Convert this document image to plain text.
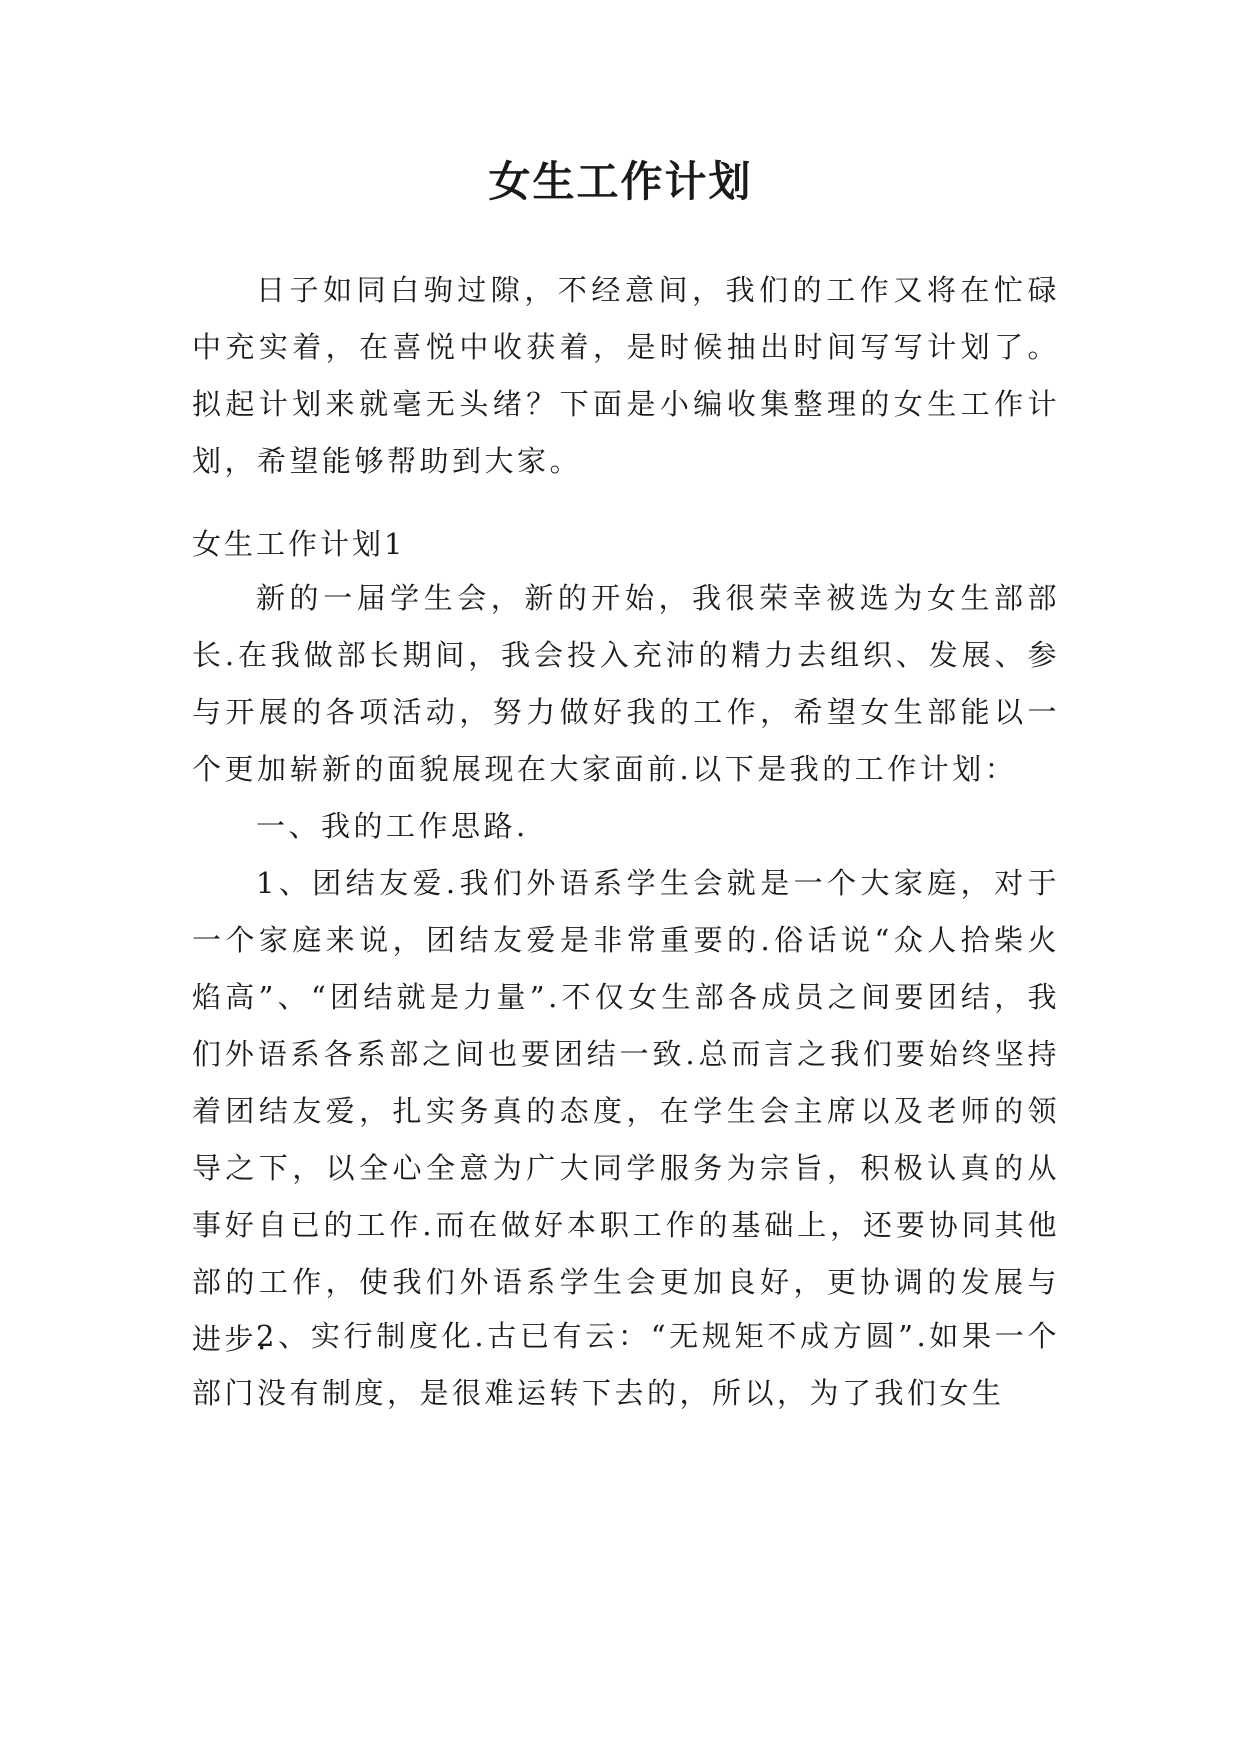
女生工作计划

日子如同白驹过隙，不经意间，我们的工作又将在忙碌中充实着，在喜悦中收获着，是时候抽出时间写写计划了。拟起计划来就毫无头绪？下面是小编收集整理的女生工作计划，希望能够帮助到大家。

女生工作计划1

新的一届学生会，新的开始，我很荣幸被选为女生部部长.在我做部长期间，我会投入充沛的精力去组织、发展、参与开展的各项活动，努力做好我的工作，希望女生部能以一个更加崭新的面貌展现在大家面前.以下是我的工作计划：

一、我的工作思路.

1、团结友爱.我们外语系学生会就是一个大家庭，对于一个家庭来说，团结友爱是非常重要的.俗话说“众人拾柴火焰高”、“团结就是力量”.不仅女生部各成员之间要团结，我们外语系各系部之间也要团结一致.总而言之我们要始终坚持着团结友爱，扎实务真的态度，在学生会主席以及老师的领导之下，以全心全意为广大同学服务为宗旨，积极认真的从事好自已的工作.而在做好本职工作的基础上，还要协同其他部的工作，使我们外语系学生会更加良好，更协调的发展与进步.

2、实行制度化.古已有云：“无规矩不成方圆”.如果一个部门没有制度，是很难运转下去的，所以，为了我们女生
